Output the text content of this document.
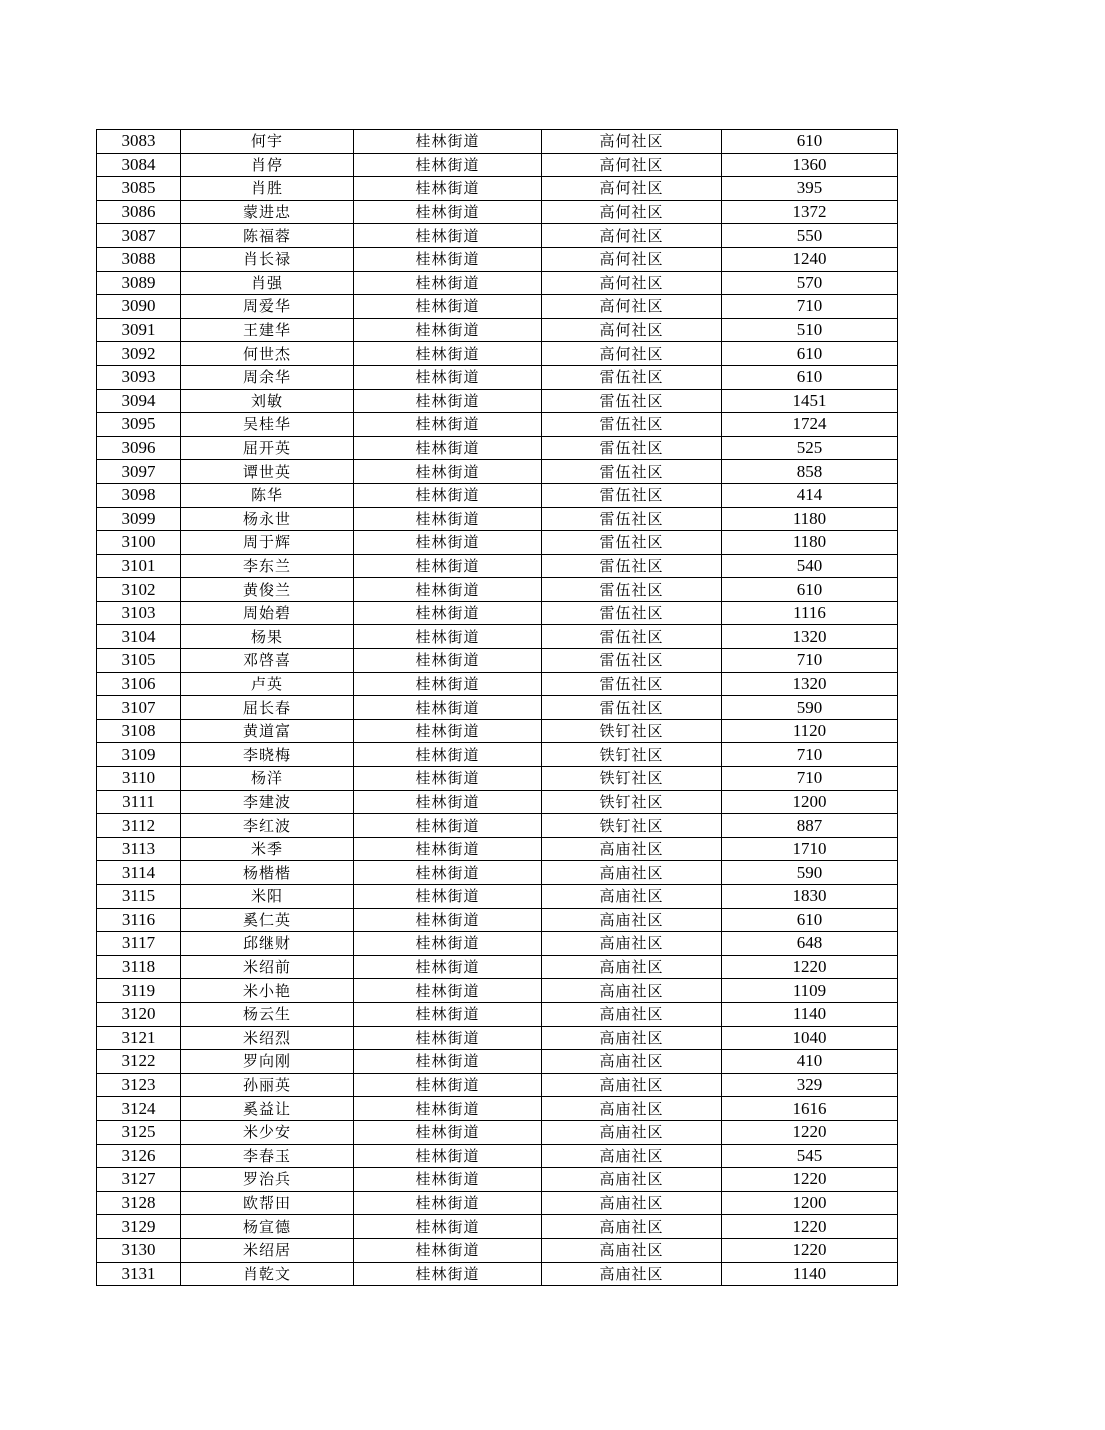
3083	何宇	桂林街道	高何社区	610
3084	肖停	桂林街道	高何社区	1360
3085	肖胜	桂林街道	高何社区	395
3086	蒙进忠	桂林街道	高何社区	1372
3087	陈福蓉	桂林街道	高何社区	550
3088	肖长禄	桂林街道	高何社区	1240
3089	肖强	桂林街道	高何社区	570
3090	周爱华	桂林街道	高何社区	710
3091	王建华	桂林街道	高何社区	510
3092	何世杰	桂林街道	高何社区	610
3093	周余华	桂林街道	雷伍社区	610
3094	刘敏	桂林街道	雷伍社区	1451
3095	吴桂华	桂林街道	雷伍社区	1724
3096	屈开英	桂林街道	雷伍社区	525
3097	谭世英	桂林街道	雷伍社区	858
3098	陈华	桂林街道	雷伍社区	414
3099	杨永世	桂林街道	雷伍社区	1180
3100	周于辉	桂林街道	雷伍社区	1180
3101	李东兰	桂林街道	雷伍社区	540
3102	黄俊兰	桂林街道	雷伍社区	610
3103	周始碧	桂林街道	雷伍社区	1116
3104	杨果	桂林街道	雷伍社区	1320
3105	邓啓喜	桂林街道	雷伍社区	710
3106	卢英	桂林街道	雷伍社区	1320
3107	屈长春	桂林街道	雷伍社区	590
3108	黄道富	桂林街道	铁钉社区	1120
3109	李晓梅	桂林街道	铁钉社区	710
3110	杨洋	桂林街道	铁钉社区	710
3111	李建波	桂林街道	铁钉社区	1200
3112	李红波	桂林街道	铁钉社区	887
3113	米季	桂林街道	高庙社区	1710
3114	杨楷楷	桂林街道	高庙社区	590
3115	米阳	桂林街道	高庙社区	1830
3116	奚仁英	桂林街道	高庙社区	610
3117	邱继财	桂林街道	高庙社区	648
3118	米绍前	桂林街道	高庙社区	1220
3119	米小艳	桂林街道	高庙社区	1109
3120	杨云生	桂林街道	高庙社区	1140
3121	米绍烈	桂林街道	高庙社区	1040
3122	罗向刚	桂林街道	高庙社区	410
3123	孙丽英	桂林街道	高庙社区	329
3124	奚益让	桂林街道	高庙社区	1616
3125	米少安	桂林街道	高庙社区	1220
3126	李春玉	桂林街道	高庙社区	545
3127	罗治兵	桂林街道	高庙社区	1220
3128	欧帮田	桂林街道	高庙社区	1200
3129	杨宣德	桂林街道	高庙社区	1220
3130	米绍居	桂林街道	高庙社区	1220
3131	肖乾文	桂林街道	高庙社区	1140
